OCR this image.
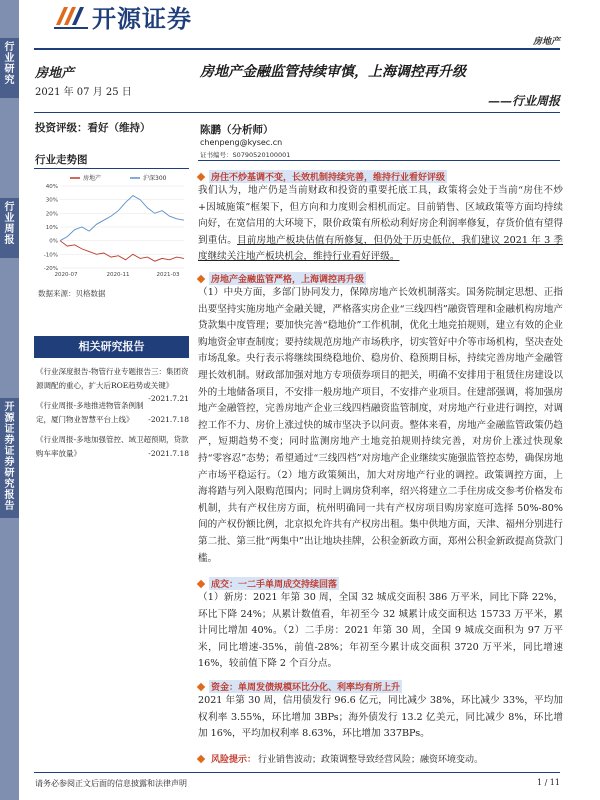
行业研究
行业周报
开源证券 证券研究报告
开源证券
房地产
房地产
2021 年 07 月 25 日
房地产金融监管持续审慎，上海调控再升级
——行业周报
投资评级：看好（维持）	陈鹏（分析师）
chenpeng@kysec.cn
证书编号：S0790520100001
行业走势图
40%
30%
20%
10%
0%
-10%
-20%
2020-07	2020-11	2021-03
房地产	沪深300
数据来源：贝格数据
相关研究报告
《行业深度报告-物管行业专题报告三：集团资源调配的重心，扩大后ROE趋势或关键》
-2021.7.21
《行业周报-多地推进物管条例制定，厦门物业智慧平台上线》 -2021.7.18
《行业周报-多地加强管控、域卫超预期，贷款购车率放量》	-2021.7.18
房住不炒基调不变，长效机制持续完善，维持行业看好评级
我们认为，地产仍是当前财政和投资的重要托底工具，政策将会处于当前“房住不炒+因城施策”框架下，但方向和力度则会相机而定。目前销售、区域政策等方面均持续向好，在宽信用的大环境下，限价政策有所松动利好房企利润率修复，存货价值有望得到重估。目前房地产板块估值有所修复，但仍处于历史低位，我们建议 2021 年 3 季度继续关注地产板块机会，维持行业看好评级。
房地产金融监管严格，上海调控再升级
（1）中央方面，多部门协同发力，保障房地产长效机制落实。国务院制定思想、正指出要坚持实施房地产金融关键，严格落实房企业“三线四档”融资管理和金融机构房地产贷款集中度管理；要加快完善“稳地价”工作机制，优化土地竞拍规则，建立有效的企业购地资金审查制度；要持续规范房地产市场秩序，切实管好中介等市场机构，坚决查处市场乱象。央行表示将继续围绕稳地价、稳房价、稳预期目标，持续完善房地产金融管理长效机制。财政部加强对地方专项债券项目的把关，明确不安排用于租赁住房建设以外的土地储备项目，不安排一般房地产项目，不安排产业项目。住建部强调，将加强房地产金融管控，完善房地产企业三线四档融资监管制度，对房地产行业进行调控，对调控工作不力、房价上涨过快的城市坚决予以问责。整体来看，房地产金融监管政策仍趋严，短期趋势不变；同时监测房地产土地竞拍规则持续完善，对房价上涨过快现象持“零容忍”态势；希望通过“三线四档”对房地产企业继续实施强监管控态势，确保房地产市场平稳运行。（2）地方政策频出，加大对房地产行业的调控。政策调控方面，上海将踏与列入限购范围内；同时上调房贷利率，绍兴将建立二手住房成交参考价格发布机制，共有产权住房方面，杭州明确同一共有产权房项目购房家庭可选择 50%-80%间的产权份额比例，北京拟允许共有产权房出租。集中供地方面，天津、福州分别进行第二批、第三批“两集中”出让地块挂牌，公积金新政方面，郑州公积金新政提高贷款门槛。
成交：一二手单周成交持续回落
（1）新房：2021 年第 30 周，全国 32 城成交面积 386 万平米，同比下降 22%，环比下降 24%；从累计数值看，年初至今 32 城累计成交面积达 15733 万平米，累计同比增加 40%。（2）二手房：2021 年第 30 周，全国 9 城成交面积为 97 万平米，同比增速-35%，前值-28%；年初至今累计成交面积 3720 万平米，同比增速 16%，较前值下降 2 个百分点。
资金：单周发债规模环比分化、利率均有所上升
2021 年第 30 周，信用债发行 96.6 亿元，同比减少 38%，环比减少 33%，平均加权利率 3.55%，环比增加 3BPs；海外债发行 13.2 亿美元，同比减少 8%，环比增加 16%，平均加权利率 8.63%，环比增加 337BPs。
风险提示： 行业销售波动；政策调整导致经营风险；融资环境变动。
请务必参阅正文后面的信息披露和法律声明	1 / 11
